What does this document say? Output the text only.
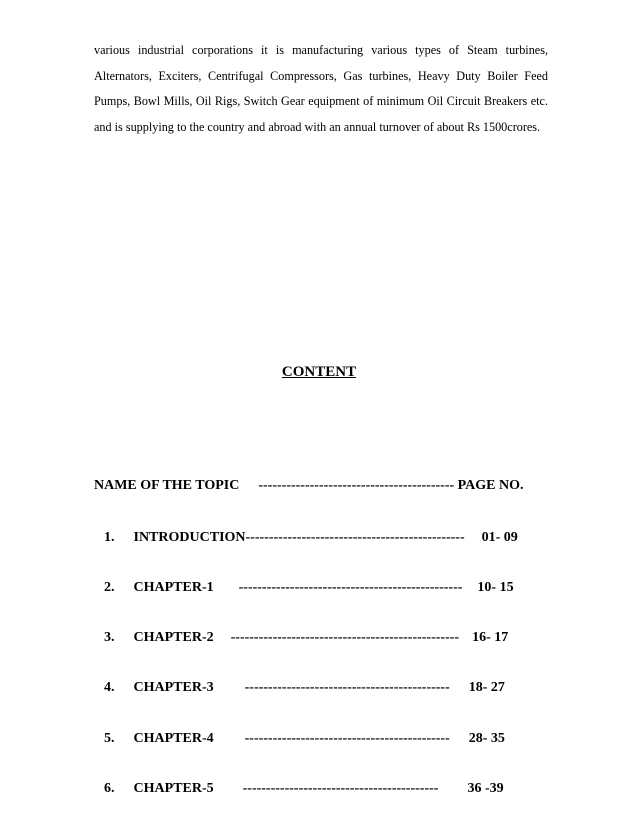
various industrial corporations it is manufacturing various types of Steam turbines, Alternators, Exciters, Centrifugal Compressors, Gas turbines, Heavy Duty Boiler Feed Pumps, Bowl Mills, Oil Rigs, Switch Gear equipment of minimum Oil Circuit Breakers etc. and is supplying to the country and abroad with an annual turnover of about Rs 1500crores.

CONTENT
NAME OF THE TOPIC ------------------------------------------ PAGE NO.
1. INTRODUCTION----------------------------------------------- 01- 09
2. CHAPTER-1 ------------------------------------------------ 10- 15
3. CHAPTER-2 ------------------------------------------------- 16- 17
4. CHAPTER-3 -------------------------------------------- 18- 27
5. CHAPTER-4 -------------------------------------------- 28- 35
6. CHAPTER-5 ------------------------------------------ 36 -39
